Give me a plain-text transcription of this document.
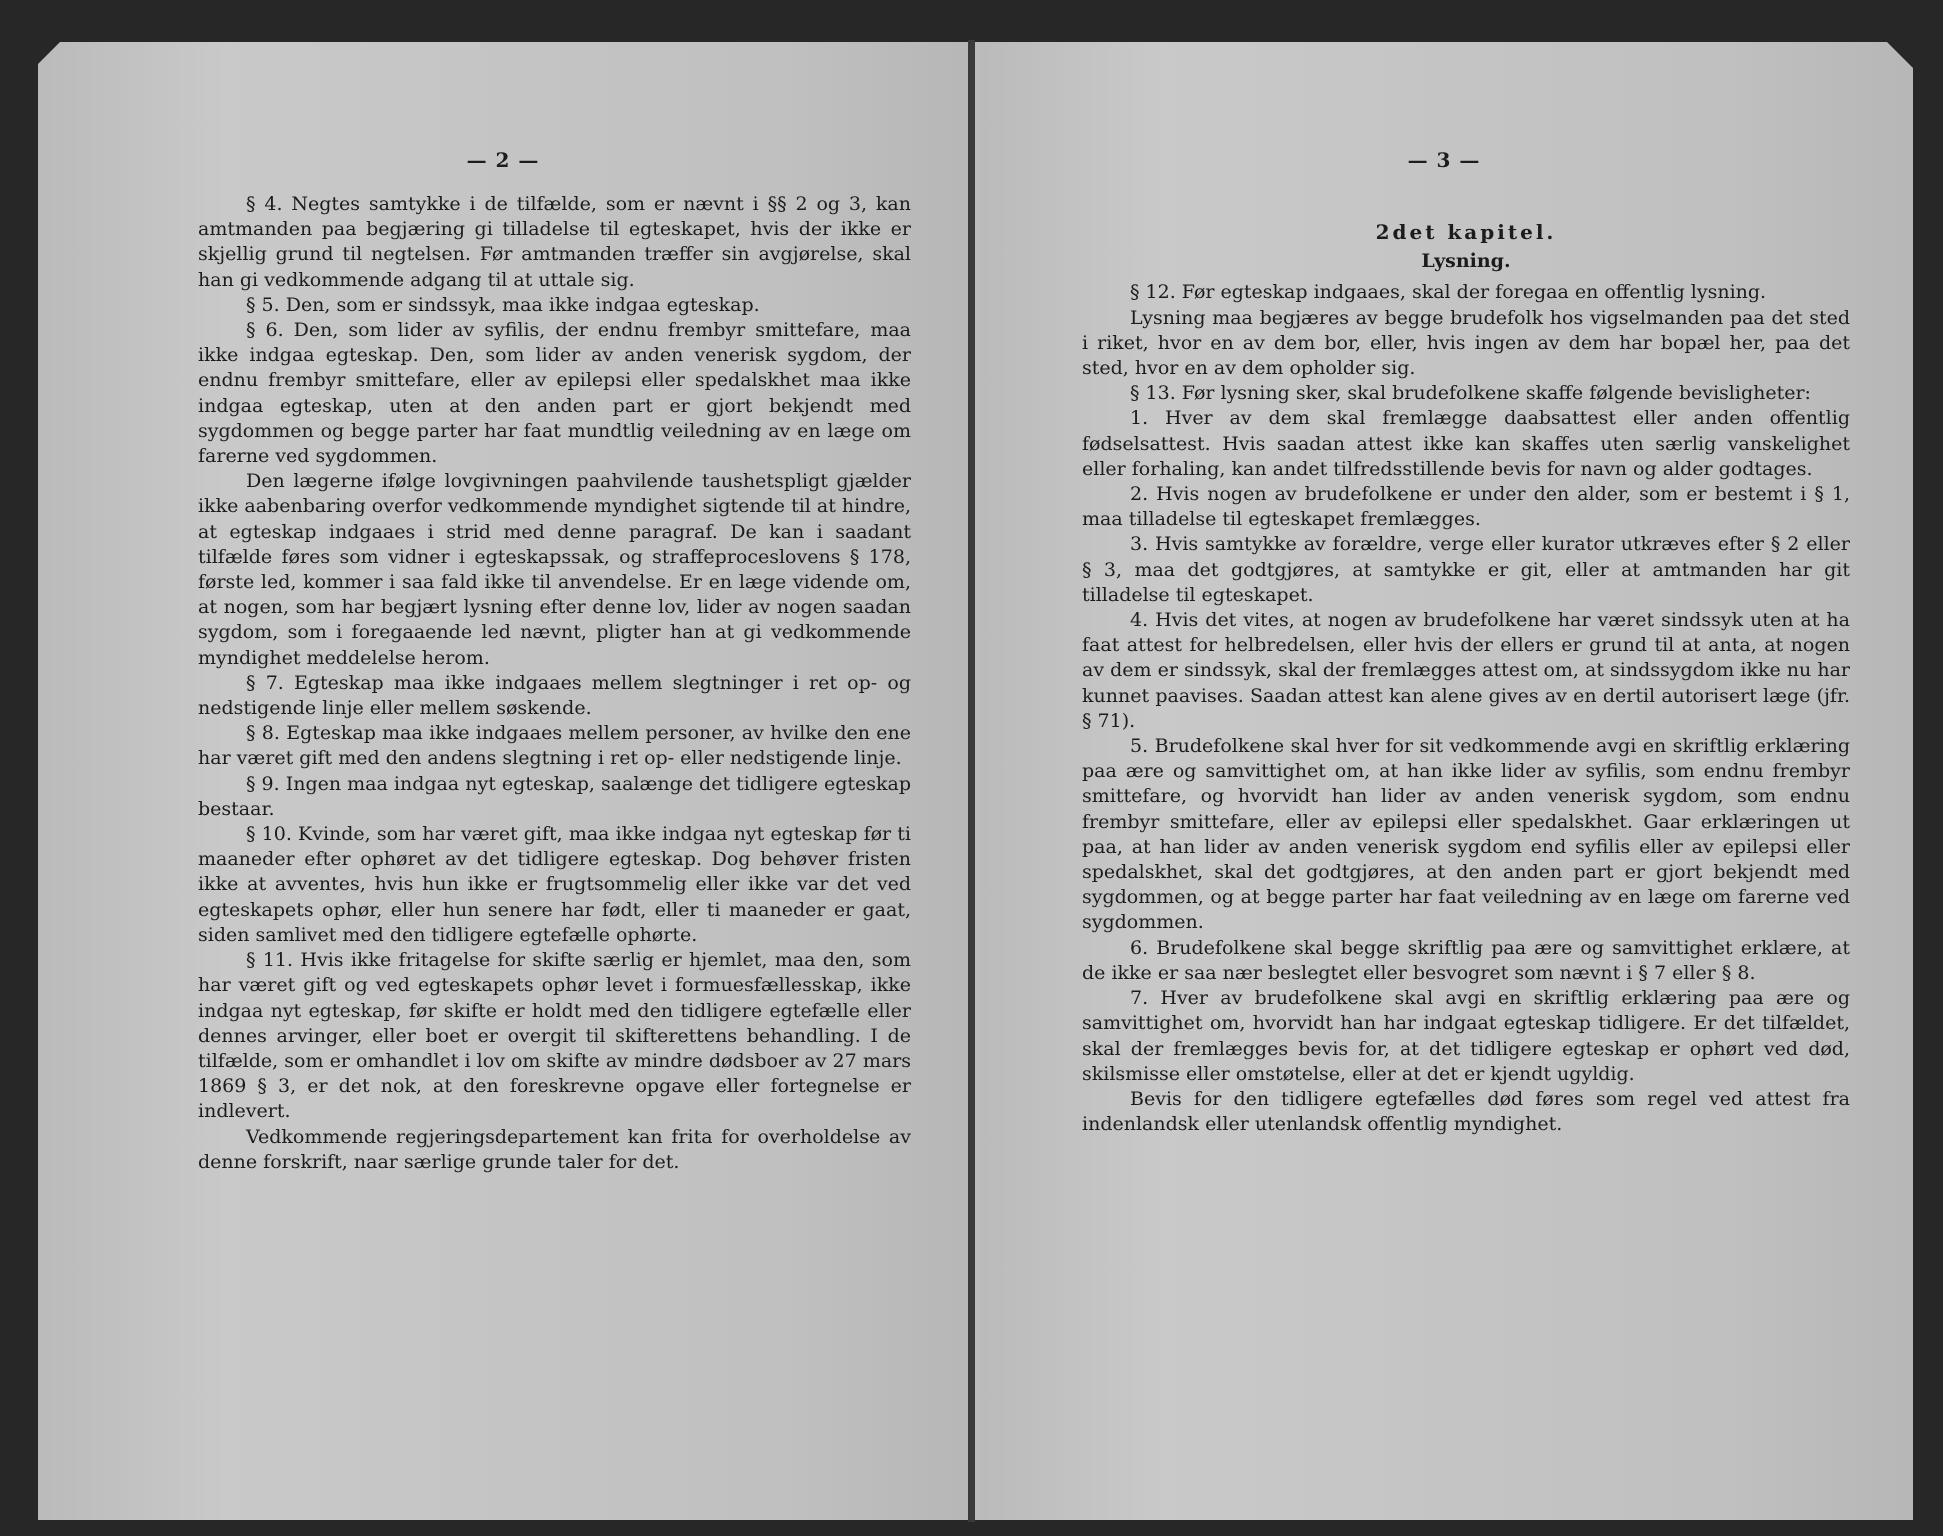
— 2 —

§ 4. Negtes samtykke i de tilfælde, som er nævnt i §§ 2 og 3, kan amtmanden paa begjæring gi tilladelse til egteskapet, hvis der ikke er skjellig grund til negtelsen. Før amtmanden træffer sin avgjørelse, skal han gi vedkommende adgang til at uttale sig.

§ 5. Den, som er sindssyk, maa ikke indgaa egteskap.

§ 6. Den, som lider av syfilis, der endnu frembyr smittefare, maa ikke indgaa egteskap. Den, som lider av anden venerisk sygdom, der endnu frembyr smittefare, eller av epilepsi eller spedalskhet maa ikke indgaa egteskap, uten at den anden part er gjort bekjendt med sygdommen og begge parter har faat mundtlig veiledning av en læge om farerne ved sygdommen.

Den lægerne ifølge lovgivningen paahvilende taushetspligt gjælder ikke aabenbaring overfor vedkommende myndighet sigtende til at hindre, at egteskap indgaaes i strid med denne paragraf. De kan i saadant tilfælde føres som vidner i egteskapssak, og straffeproceslovens § 178, første led, kommer i saa fald ikke til anvendelse. Er en læge vidende om, at nogen, som har begjært lysning efter denne lov, lider av nogen saadan sygdom, som i foregaaende led nævnt, pligter han at gi vedkommende myndighet meddelelse herom.

§ 7. Egteskap maa ikke indgaaes mellem slegtninger i ret op- og nedstigende linje eller mellem søskende.

§ 8. Egteskap maa ikke indgaaes mellem personer, av hvilke den ene har været gift med den andens slegtning i ret op- eller nedstigende linje.

§ 9. Ingen maa indgaa nyt egteskap, saalænge det tidligere egteskap bestaar.

§ 10. Kvinde, som har været gift, maa ikke indgaa nyt egteskap før ti maaneder efter ophøret av det tidligere egteskap. Dog behøver fristen ikke at avventes, hvis hun ikke er frugtsommelig eller ikke var det ved egteskapets ophør, eller hun senere har født, eller ti maaneder er gaat, siden samlivet med den tidligere egtefælle ophørte.

§ 11. Hvis ikke fritagelse for skifte særlig er hjemlet, maa den, som har været gift og ved egteskapets ophør levet i formuesfællesskap, ikke indgaa nyt egteskap, før skifte er holdt med den tidligere egtefælle eller dennes arvinger, eller boet er overgit til skifterettens behandling. I de tilfælde, som er omhandlet i lov om skifte av mindre dødsboer av 27 mars 1869 § 3, er det nok, at den foreskrevne opgave eller fortegnelse er indlevert.

Vedkommende regjeringsdepartement kan frita for overholdelse av denne forskrift, naar særlige grunde taler for det.

— 3 —
2det kapitel.
Lysning.

§ 12. Før egteskap indgaaes, skal der foregaa en offentlig lysning.

Lysning maa begjæres av begge brudefolk hos vigselmanden paa det sted i riket, hvor en av dem bor, eller, hvis ingen av dem har bopæl her, paa det sted, hvor en av dem opholder sig.

§ 13. Før lysning sker, skal brudefolkene skaffe følgende bevisligheter:

1. Hver av dem skal fremlægge daabsattest eller anden offentlig fødselsattest. Hvis saadan attest ikke kan skaffes uten særlig vanskelighet eller forhaling, kan andet tilfredsstillende bevis for navn og alder godtages.

2. Hvis nogen av brudefolkene er under den alder, som er bestemt i § 1, maa tilladelse til egteskapet fremlægges.

3. Hvis samtykke av forældre, verge eller kurator utkræves efter § 2 eller § 3, maa det godtgjøres, at samtykke er git, eller at amtmanden har git tilladelse til egteskapet.

4. Hvis det vites, at nogen av brudefolkene har været sindssyk uten at ha faat attest for helbredelsen, eller hvis der ellers er grund til at anta, at nogen av dem er sindssyk, skal der fremlægges attest om, at sindssygdom ikke nu har kunnet paavises. Saadan attest kan alene gives av en dertil autorisert læge (jfr. § 71).

5. Brudefolkene skal hver for sit vedkommende avgi en skriftlig erklæring paa ære og samvittighet om, at han ikke lider av syfilis, som endnu frembyr smittefare, og hvorvidt han lider av anden venerisk sygdom, som endnu frembyr smittefare, eller av epilepsi eller spedalskhet. Gaar erklæringen ut paa, at han lider av anden venerisk sygdom end syfilis eller av epilepsi eller spedalskhet, skal det godtgjøres, at den anden part er gjort bekjendt med sygdommen, og at begge parter har faat veiledning av en læge om farerne ved sygdommen.

6. Brudefolkene skal begge skriftlig paa ære og samvittighet erklære, at de ikke er saa nær beslegtet eller besvogret som nævnt i § 7 eller § 8.

7. Hver av brudefolkene skal avgi en skriftlig erklæring paa ære og samvittighet om, hvorvidt han har indgaat egteskap tidligere. Er det tilfældet, skal der fremlægges bevis for, at det tidligere egteskap er ophørt ved død, skilsmisse eller omstøtelse, eller at det er kjendt ugyldig.

Bevis for den tidligere egtefælles død føres som regel ved attest fra indenlandsk eller utenlandsk offentlig myndighet.
